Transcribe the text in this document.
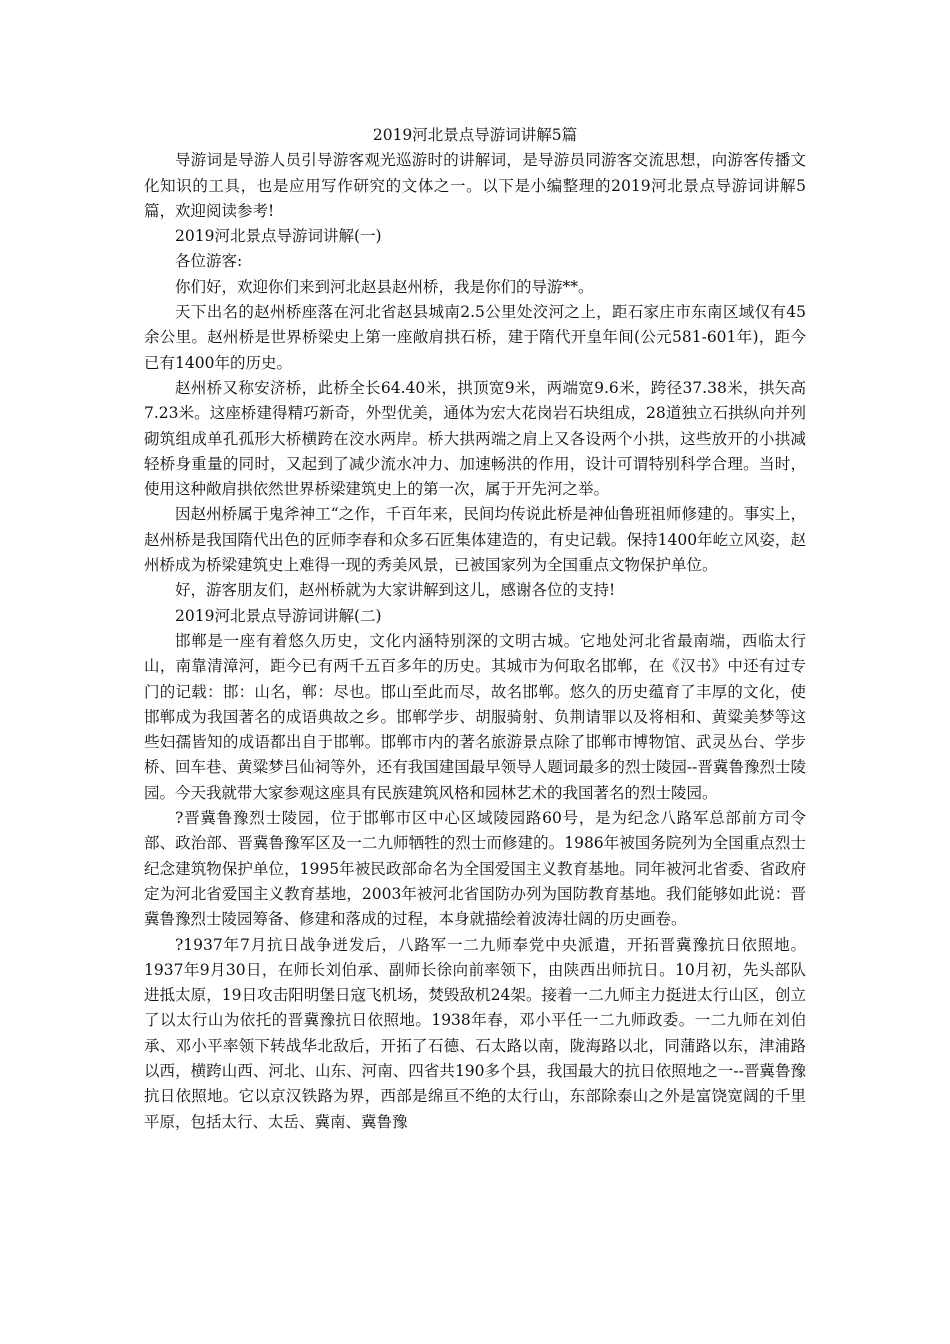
2019河北景点导游词讲解5篇

导游词是导游人员引导游客观光巡游时的讲解词，是导游员同游客交流思想，向游客传播文化知识的工具，也是应用写作研究的文体之一。以下是小编整理的2019河北景点导游词讲解5篇，欢迎阅读参考!

2019河北景点导游词讲解(一)

各位游客:

你们好，欢迎你们来到河北赵县赵州桥，我是你们的导游**。

天下出名的赵州桥座落在河北省赵县城南2.5公里处洨河之上，距石家庄市东南区域仅有45余公里。赵州桥是世界桥梁史上第一座敞肩拱石桥，建于隋代开皇年间(公元581-601年)，距今已有1400年的历史。

赵州桥又称安济桥，此桥全长64.40米，拱顶宽9米，两端宽9.6米，跨径37.38米，拱矢高7.23米。这座桥建得精巧新奇，外型优美，通体为宏大花岗岩石块组成，28道独立石拱纵向并列砌筑组成单孔孤形大桥横跨在洨水两岸。桥大拱两端之肩上又各设两个小拱，这些放开的小拱减轻桥身重量的同时，又起到了减少流水冲力、加速畅洪的作用，设计可谓特别科学合理。当时，使用这种敞肩拱依然世界桥梁建筑史上的第一次，属于开先河之举。

因赵州桥属于鬼斧神工“之作，千百年来，民间均传说此桥是神仙鲁班祖师修建的。事实上，赵州桥是我国隋代出色的匠师李春和众多石匠集体建造的，有史记载。保持1400年屹立风姿，赵州桥成为桥梁建筑史上难得一现的秀美风景，已被国家列为全国重点文物保护单位。

好，游客朋友们，赵州桥就为大家讲解到这儿，感谢各位的支持!

2019河北景点导游词讲解(二)

邯郸是一座有着悠久历史，文化内涵特别深的文明古城。它地处河北省最南端，西临太行山，南靠清漳河，距今已有两千五百多年的历史。其城市为何取名邯郸，在《汉书》中还有过专门的记载：邯：山名，郸：尽也。邯山至此而尽，故名邯郸。悠久的历史蕴育了丰厚的文化，使邯郸成为我国著名的成语典故之乡。邯郸学步、胡服骑射、负荆请罪以及将相和、黄粱美梦等这些妇孺皆知的成语都出自于邯郸。邯郸市内的著名旅游景点除了邯郸市博物馆、武灵丛台、学步桥、回车巷、黄粱梦吕仙祠等外，还有我国建国最早领导人题词最多的烈士陵园--晋冀鲁豫烈士陵园。今天我就带大家参观这座具有民族建筑风格和园林艺术的我国著名的烈士陵园。

?晋冀鲁豫烈士陵园，位于邯郸市区中心区域陵园路60号，是为纪念八路军总部前方司令部、政治部、晋冀鲁豫军区及一二九师牺牲的烈士而修建的。1986年被国务院列为全国重点烈士纪念建筑物保护单位，1995年被民政部命名为全国爱国主义教育基地。同年被河北省委、省政府定为河北省爱国主义教育基地，2003年被河北省国防办列为国防教育基地。我们能够如此说：晋冀鲁豫烈士陵园筹备、修建和落成的过程，本身就描绘着波涛壮阔的历史画卷。

?1937年7月抗日战争迸发后，八路军一二九师奉党中央派遣，开拓晋冀豫抗日依照地。1937年9月30日，在师长刘伯承、副师长徐向前率领下，由陕西出师抗日。10月初，先头部队进抵太原，19日攻击阳明堡日寇飞机场，焚毁敌机24架。接着一二九师主力挺进太行山区，创立了以太行山为依托的晋冀豫抗日依照地。1938年春，邓小平任一二九师政委。一二九师在刘伯承、邓小平率领下转战华北敌后，开拓了石德、石太路以南，陇海路以北，同蒲路以东，津浦路以西，横跨山西、河北、山东、河南、四省共190多个县，我国最大的抗日依照地之一--晋冀鲁豫抗日依照地。它以京汉铁路为界，西部是绵亘不绝的太行山，东部除泰山之外是富饶宽阔的千里平原，包括太行、太岳、冀南、冀鲁豫
